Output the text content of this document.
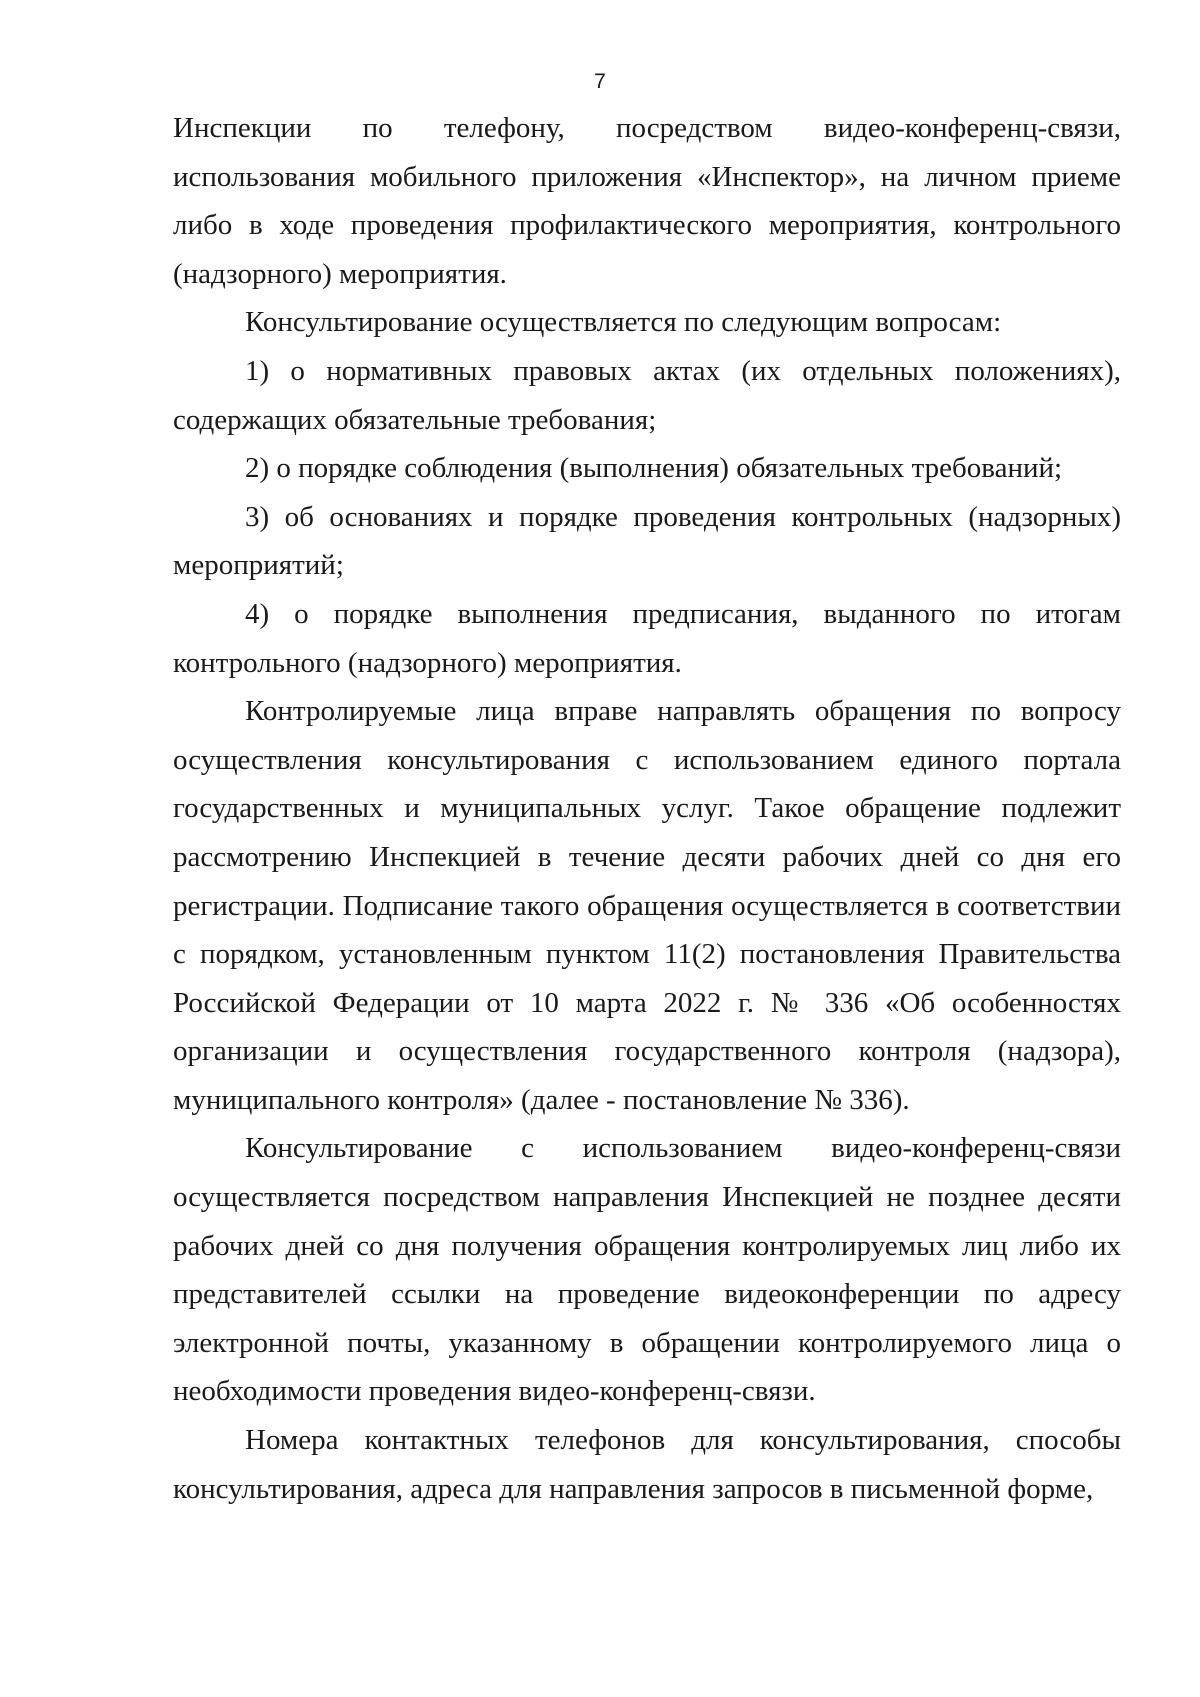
7

Инспекции по телефону, посредством видео-конференц-связи, использования мобильного приложения «Инспектор», на личном приеме либо в ходе проведения профилактического мероприятия, контрольного (надзорного) мероприятия.

Консультирование осуществляется по следующим вопросам:

1) о нормативных правовых актах (их отдельных положениях), содержащих обязательные требования;

2) о порядке соблюдения (выполнения) обязательных требований;

3) об основаниях и порядке проведения контрольных (надзорных) мероприятий;

4) о порядке выполнения предписания, выданного по итогам контрольного (надзорного) мероприятия.

Контролируемые лица вправе направлять обращения по вопросу осуществления консультирования с использованием единого портала государственных и муниципальных услуг. Такое обращение подлежит рассмотрению Инспекцией в течение десяти рабочих дней со дня его регистрации. Подписание такого обращения осуществляется в соответствии с порядком, установленным пунктом 11(2) постановления Правительства Российской Федерации от 10 марта 2022 г. № 336 «Об особенностях организации и осуществления государственного контроля (надзора), муниципального контроля» (далее - постановление № 336).

Консультирование с использованием видео-конференц-связи осуществляется посредством направления Инспекцией не позднее десяти рабочих дней со дня получения обращения контролируемых лиц либо их представителей ссылки на проведение видеоконференции по адресу электронной почты, указанному в обращении контролируемого лица о необходимости проведения видео-конференц-связи.

Номера контактных телефонов для консультирования, способы консультирования, адреса для направления запросов в письменной форме,
